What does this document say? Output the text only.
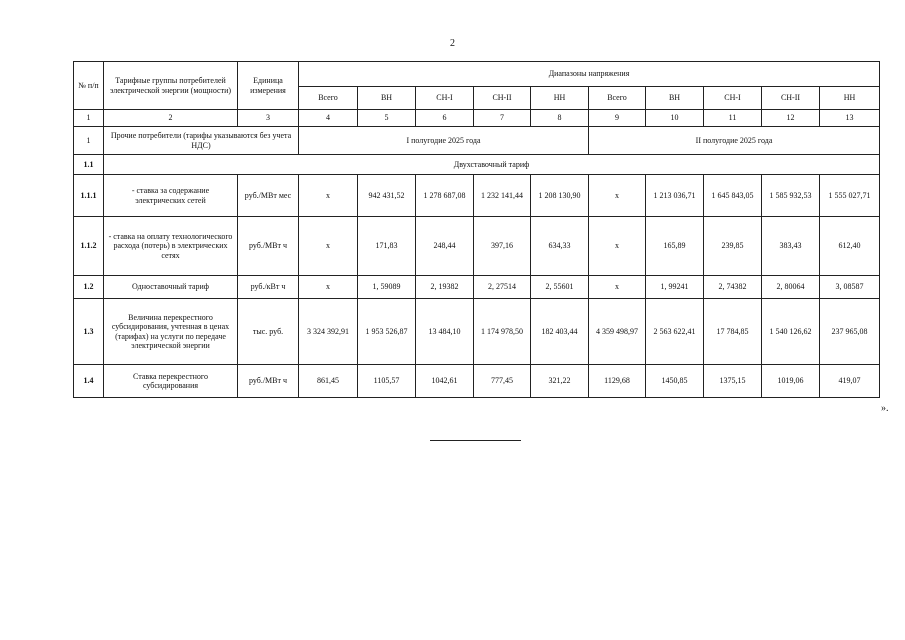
2
№ п/п	Тарифные группы потребителей электрической энергии (мощности)	Единица измерения	Диапазоны напряжения									
			Всего	ВН	СН-I	СН-II	НН	Всего	ВН	СН-I	СН-II	НН
1	2	3	4	5	6	7	8	9	10	11	12	13
1	Прочие потребители (тарифы указываются без учета НДС)		I полугодие 2025 года					II полугодие 2025 года				
1.1	Двухставочный тариф											
1.1.1	- ставка за содержание электрических сетей	руб./МВт мес	х	942 431,52	1 278 687,08	1 232 141,44	1 208 130,90	х	1 213 036,71	1 645 843,05	1 585 932,53	1 555 027,71
1.1.2	- ставка на оплату технологического расхода (потерь) в электрических сетях	руб./МВт ч	х	171,83	248,44	397,16	634,33	х	165,89	239,85	383,43	612,40
1.2	Одноставочный тариф	руб./кВт ч	х	1, 59089	2, 19382	2, 27514	2, 55601	х	1, 99241	2, 74382	2, 80064	3, 08587
1.3	Величина перекрестного субсидирования, учтенная в ценах (тарифах) на услуги по передаче электрической энергии	тыс. руб.	3 324 392,91	1 953 526,87	13 484,10	1 174 978,50	182 403,44	4 359 498,97	2 563 622,41	17 784,85	1 540 126,62	237 965,08
1.4	Ставка перекрестного субсидирования	руб./МВт ч	861,45	1105,57	1042,61	777,45	321,22	1129,68	1450,85	1375,15	1019,06	419,07
».
